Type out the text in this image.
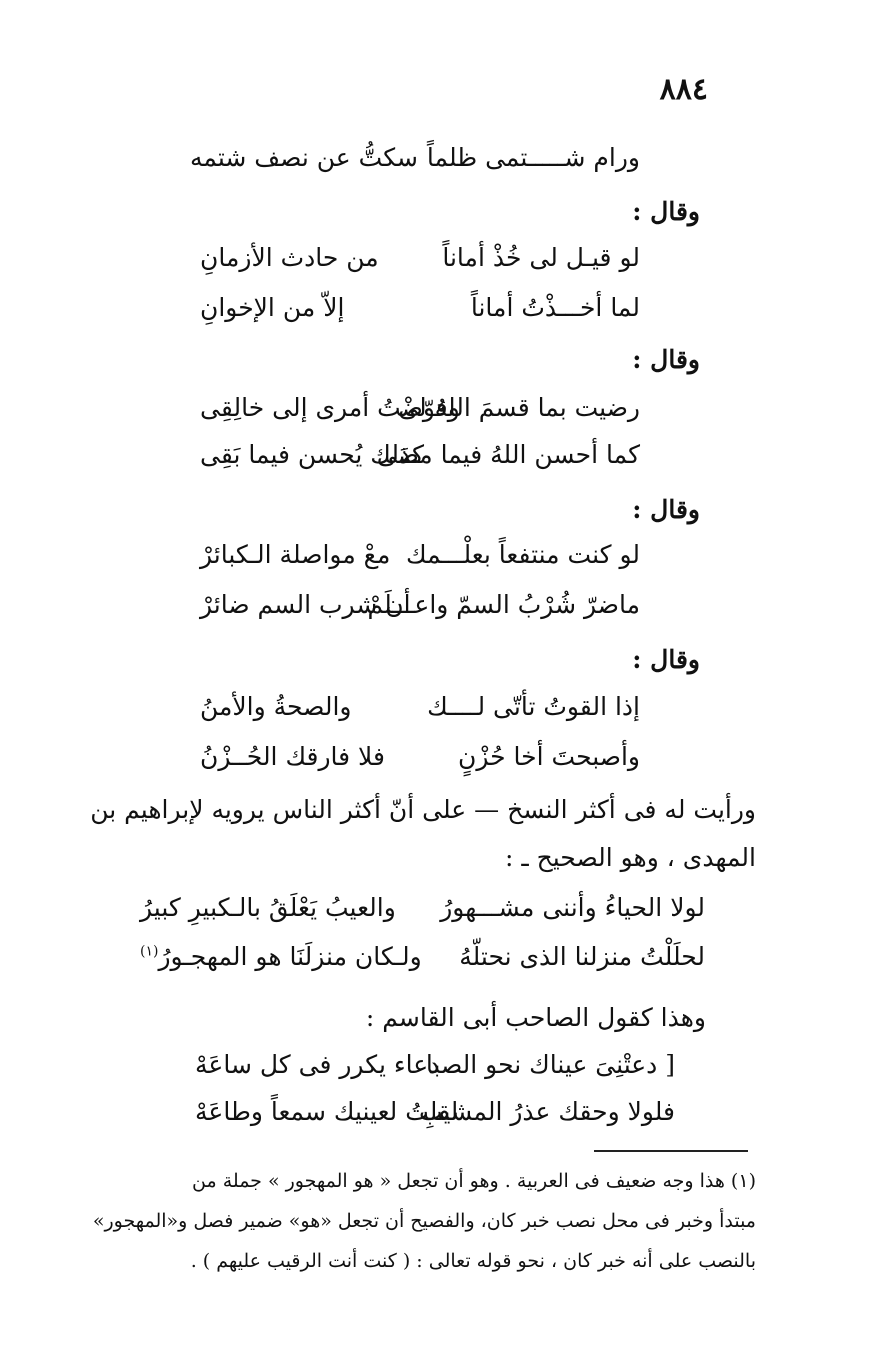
٨٨٤
ورام شـــــتمى ظلماً
سكتُّ عن نصف شتمه
وقال :
لو قيـل لى خُذْ أماناً
من حادث الأزمانِ
لما أخـــذْتُ أماناً
إلاّ من الإخوانِ
وقال :
رضيت بما قسمَ اللهُ لى
وفوّضْتُ أمرى إلى خالِقِى
كما أحسن اللهُ فيما مضَى
كذلك يُحسن فيما بَقِى
وقال :
لو كنت منتفعاً بعلْـــمك
معْ مواصلة الـكبائرْ
ماضرّ شُرْبُ السمّ واعـــلَمْ
أن شرب السم ضائرْ
وقال :
إذا القوتُ تأتّى لــــك
والصحةُ والأمنُ
وأصبحتَ أخا حُزْنٍ
فلا فارقك الحُــزْنُ
ورأيت له فى أكثر النسخ — على أنّ أكثر الناس يرويه لإبراهيم بن
المهدى ، وهو الصحيح ـ :
لولا الحياءُ وأننى مشـــهورُ
والعيبُ يَعْلَقُ بالـكبيرِ كبيرُ
لحلَلْتُ منزلنا الذى نحتلّهُ
ولـكان منزلَنَا هو المهجـورُ$^{(١)}$
وهذا كقول الصاحب أبى القاسم :
[ دعتْنِىَ عيناك نحو الصبا
دعاء يكرر فى كل ساعَهْ
فلولا وحقك عذرُ المشيبِ
لقلتُ لعينيك سمعاً وطاعَهْ
(١) هذا وجه ضعيف فى العربية . وهو أن تجعل « هو المهجور » جملة من
مبتدأ وخبر فى محل نصب خبر كان، والفصيح أن تجعل «هو» ضمير فصل و«المهجور»
بالنصب على أنه خبر كان ، نحو قوله تعالى : ( كنت أنت الرقيب عليهم ) .
